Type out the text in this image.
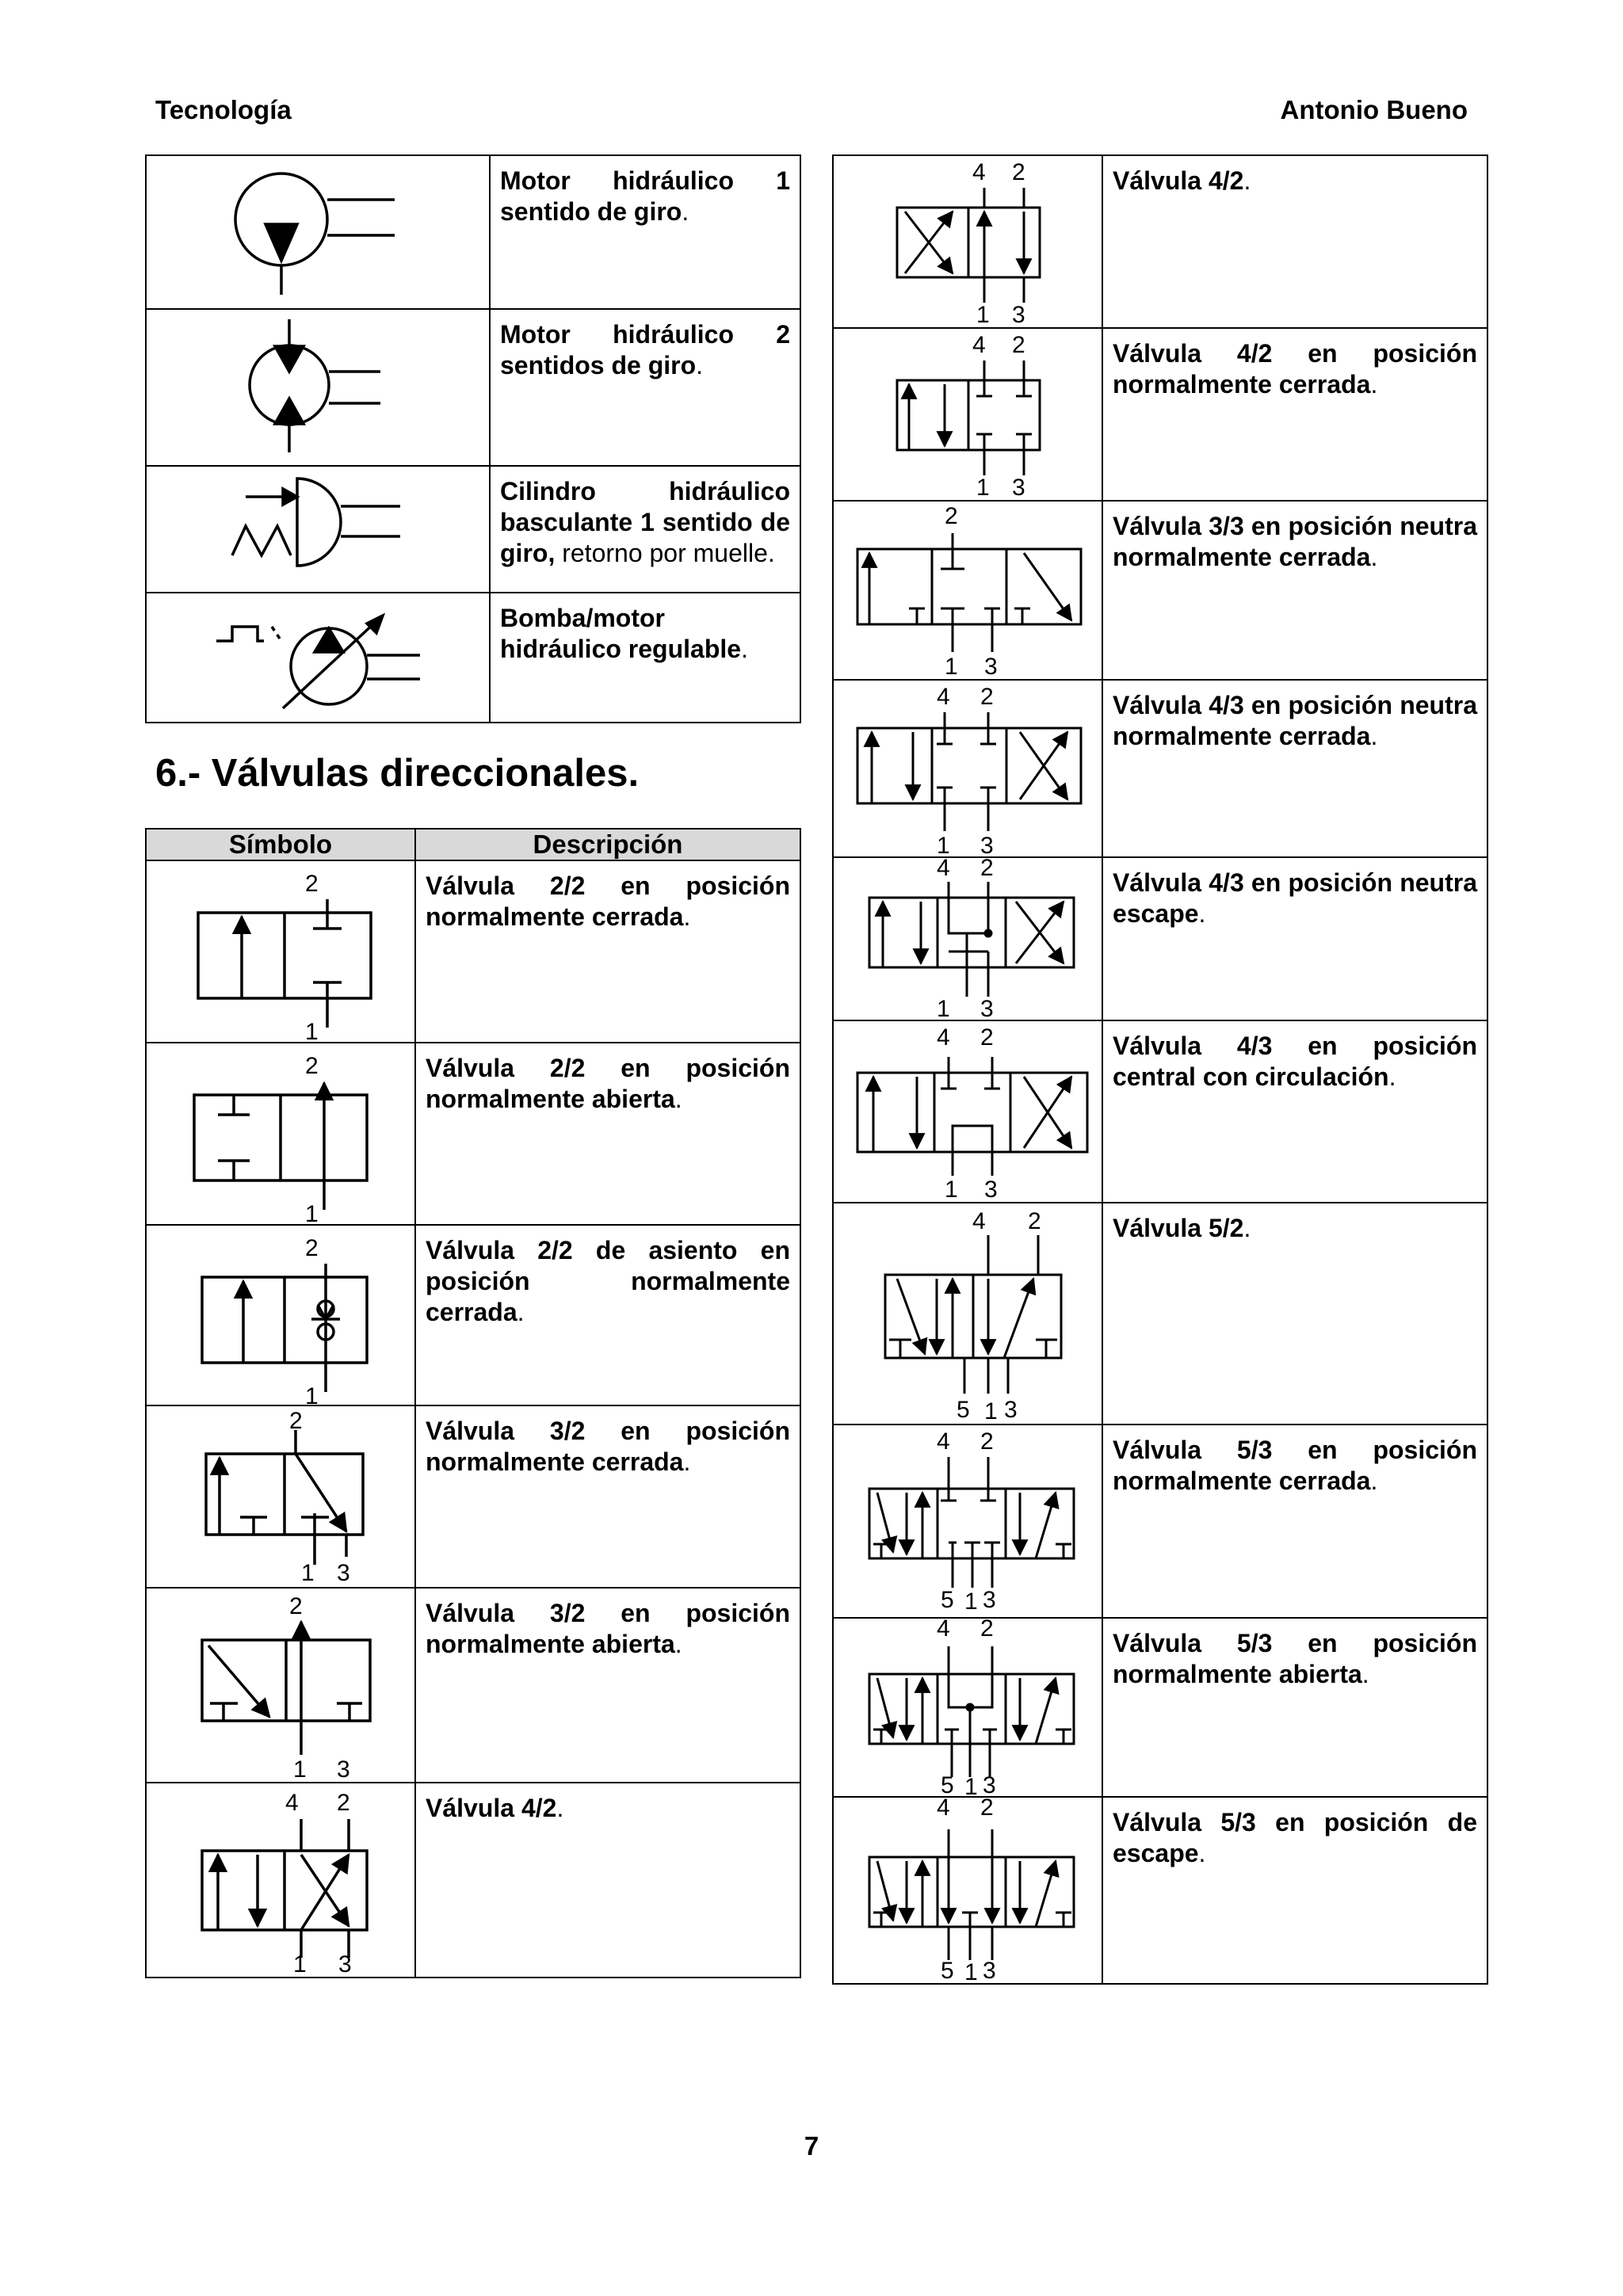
Tecnología	Antonio Bueno
	Motor hidráulico 1 sentido de giro.

	Motor hidráulico 2 sentidos de giro.

	Cilindro hidráulico basculante 1 sentido de giro, retorno por muelle.

	Bomba/motor hidráulico regulable.
6.- Válvulas direccionales.
Símbolo	Descripción

2
1	Válvula 2/2 en posición normalmente cerrada.

2
1	Válvula 2/2 en posición normalmente abierta.

2
1	Válvula 2/2 de asiento en posición normalmente cerrada.

2
1 3	Válvula 3/2 en posición normalmente cerrada.

2
1 3	Válvula 3/2 en posición normalmente abierta.

4 2
1 3	Válvula 4/2.
4 2
1 3	Válvula 4/2.

4 2
1 3	Válvula 4/2 en posición normalmente cerrada.

2
1 3	Válvula 3/3 en posición neutra normalmente cerrada.

4 2
1 3	Válvula 4/3 en posición neutra normalmente cerrada.

4 2
1 3	Válvula 4/3 en posición neutra escape.

4 2
1 3	Válvula 4/3 en posición central con circulación.

4 2
5 1 3	Válvula 5/2.

4 2
5 1 3	Válvula 5/3 en posición normalmente cerrada.

4 2
5 1 3	Válvula 5/3 en posición normalmente abierta.

4 2
5 1 3	Válvula 5/3 en posición de escape.
7
